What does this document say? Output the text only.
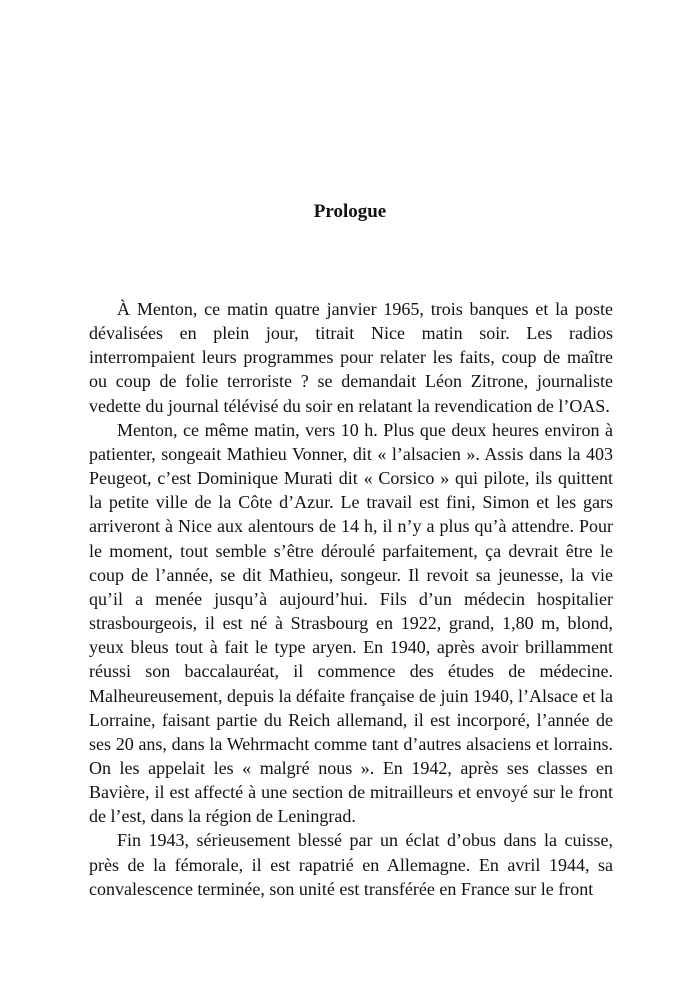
Prologue

À Menton, ce matin quatre janvier 1965, trois banques et la poste dévalisées en plein jour, titrait Nice matin soir. Les radios interrompaient leurs programmes pour relater les faits, coup de maître ou coup de folie terroriste ? se demandait Léon Zitrone, journaliste vedette du journal télévisé du soir en relatant la revendication de l’OAS.

Menton, ce même matin, vers 10 h. Plus que deux heures environ à patienter, songeait Mathieu Vonner, dit « l’alsacien ». Assis dans la 403 Peugeot, c’est Dominique Murati dit « Corsico » qui pilote, ils quittent la petite ville de la Côte d’Azur. Le travail est fini, Simon et les gars arriveront à Nice aux alentours de 14 h, il n’y a plus qu’à attendre. Pour le moment, tout semble s’être déroulé parfaitement, ça devrait être le coup de l’année, se dit Mathieu, songeur. Il revoit sa jeunesse, la vie qu’il a menée jusqu’à aujourd’hui. Fils d’un médecin hospitalier strasbourgeois, il est né à Strasbourg en 1922, grand, 1,80 m, blond, yeux bleus tout à fait le type aryen. En 1940, après avoir brillamment réussi son baccalauréat, il commence des études de médecine. Malheureusement, depuis la défaite française de juin 1940, l’Alsace et la Lorraine, faisant partie du Reich allemand, il est incorporé, l’année de ses 20 ans, dans la Wehrmacht comme tant d’autres alsaciens et lorrains. On les appelait les « malgré nous ». En 1942, après ses classes en Bavière, il est affecté à une section de mitrailleurs et envoyé sur le front de l’est, dans la région de Leningrad.

Fin 1943, sérieusement blessé par un éclat d’obus dans la cuisse, près de la fémorale, il est rapatrié en Allemagne. En avril 1944, sa convalescence terminée, son unité est transférée en France sur le front
